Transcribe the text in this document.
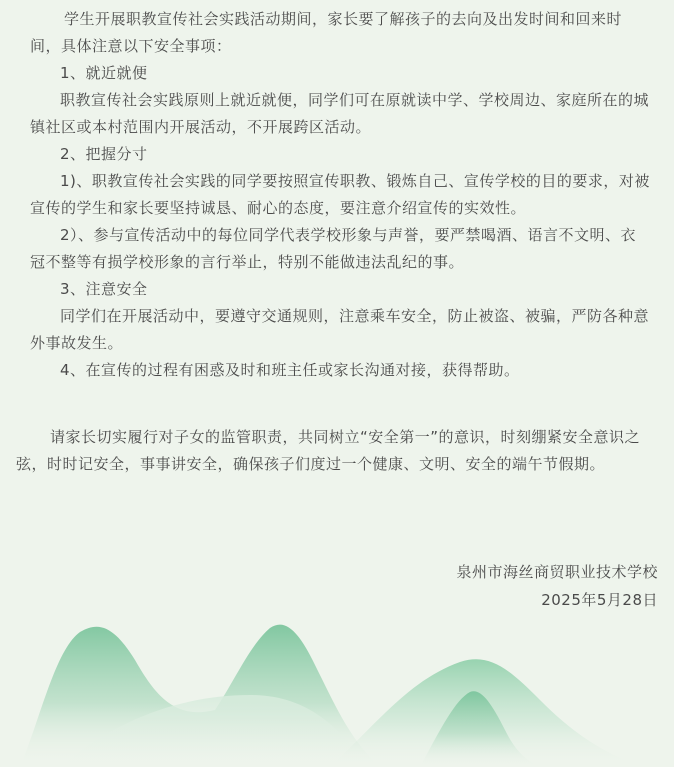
学生开展职教宣传社会实践活动期间，家长要了解孩子的去向及出发时间和回来时间，具体注意以下安全事项：

1、就近就便

职教宣传社会实践原则上就近就便，同学们可在原就读中学、学校周边、家庭所在的城镇社区或本村范围内开展活动，不开展跨区活动。

2、把握分寸

1)、职教宣传社会实践的同学要按照宣传职教、锻炼自己、宣传学校的目的要求，对被宣传的学生和家长要坚持诚恳、耐心的态度，要注意介绍宣传的实效性。

2）、参与宣传活动中的每位同学代表学校形象与声誉，要严禁喝酒、语言不文明、衣冠不整等有损学校形象的言行举止，特别不能做违法乱纪的事。

3、注意安全

同学们在开展活动中，要遵守交通规则，注意乘车安全，防止被盗、被骗，严防各种意外事故发生。

4、在宣传的过程有困惑及时和班主任或家长沟通对接，获得帮助。

请家长切实履行对子女的监管职责，共同树立“安全第一”的意识，时刻绷紧安全意识之弦，时时记安全，事事讲安全，确保孩子们度过一个健康、文明、安全的端午节假期。

泉州市海丝商贸职业技术学校
2025年5月28日
